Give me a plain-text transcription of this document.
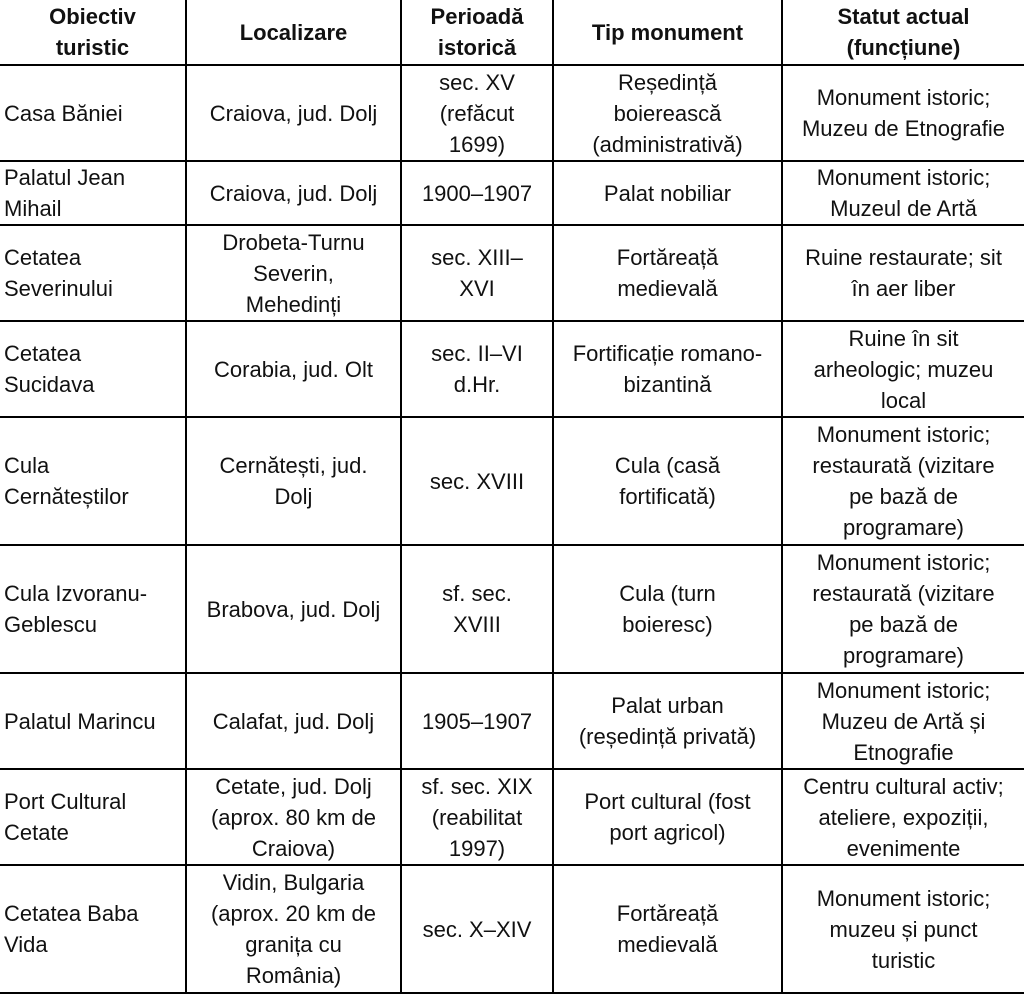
Obiectiv
turistic	Localizare	Perioadă
istorică	Tip monument	Statut actual
(funcțiune)

Casa Băniei	Craiova, jud. Dolj	sec. XV
(refăcut
1699)	Reședință
boierească
(administrativă)	Monument istoric;
Muzeu de Etnografie

Palatul Jean
Mihail	Craiova, jud. Dolj	1900–1907	Palat nobiliar	Monument istoric;
Muzeul de Artă

Cetatea
Severinului	Drobeta-Turnu
Severin,
Mehedinți	sec. XIII–
XVI	Fortăreață
medievală	Ruine restaurate; sit
în aer liber

Cetatea
Sucidava	Corabia, jud. Olt	sec. II–VI
d.Hr.	Fortificație romano-
bizantină	Ruine în sit
arheologic; muzeu
local

Cula
Cernăteștilor	Cernătești, jud.
Dolj	sec. XVIII	Cula (casă
fortificată)	Monument istoric;
restaurată (vizitare
pe bază de
programare)

Cula Izvoranu-
Geblescu	Brabova, jud. Dolj	sf. sec.
XVIII	Cula (turn
boieresc)	Monument istoric;
restaurată (vizitare
pe bază de
programare)

Palatul Marincu	Calafat, jud. Dolj	1905–1907	Palat urban
(reședință privată)	Monument istoric;
Muzeu de Artă și
Etnografie

Port Cultural
Cetate	Cetate, jud. Dolj
(aprox. 80 km de
Craiova)	sf. sec. XIX
(reabilitat
1997)	Port cultural (fost
port agricol)	Centru cultural activ;
ateliere, expoziții,
evenimente

Cetatea Baba
Vida	Vidin, Bulgaria
(aprox. 20 km de
granița cu
România)	sec. X–XIV	Fortăreață
medievală	Monument istoric;
muzeu și punct
turistic
